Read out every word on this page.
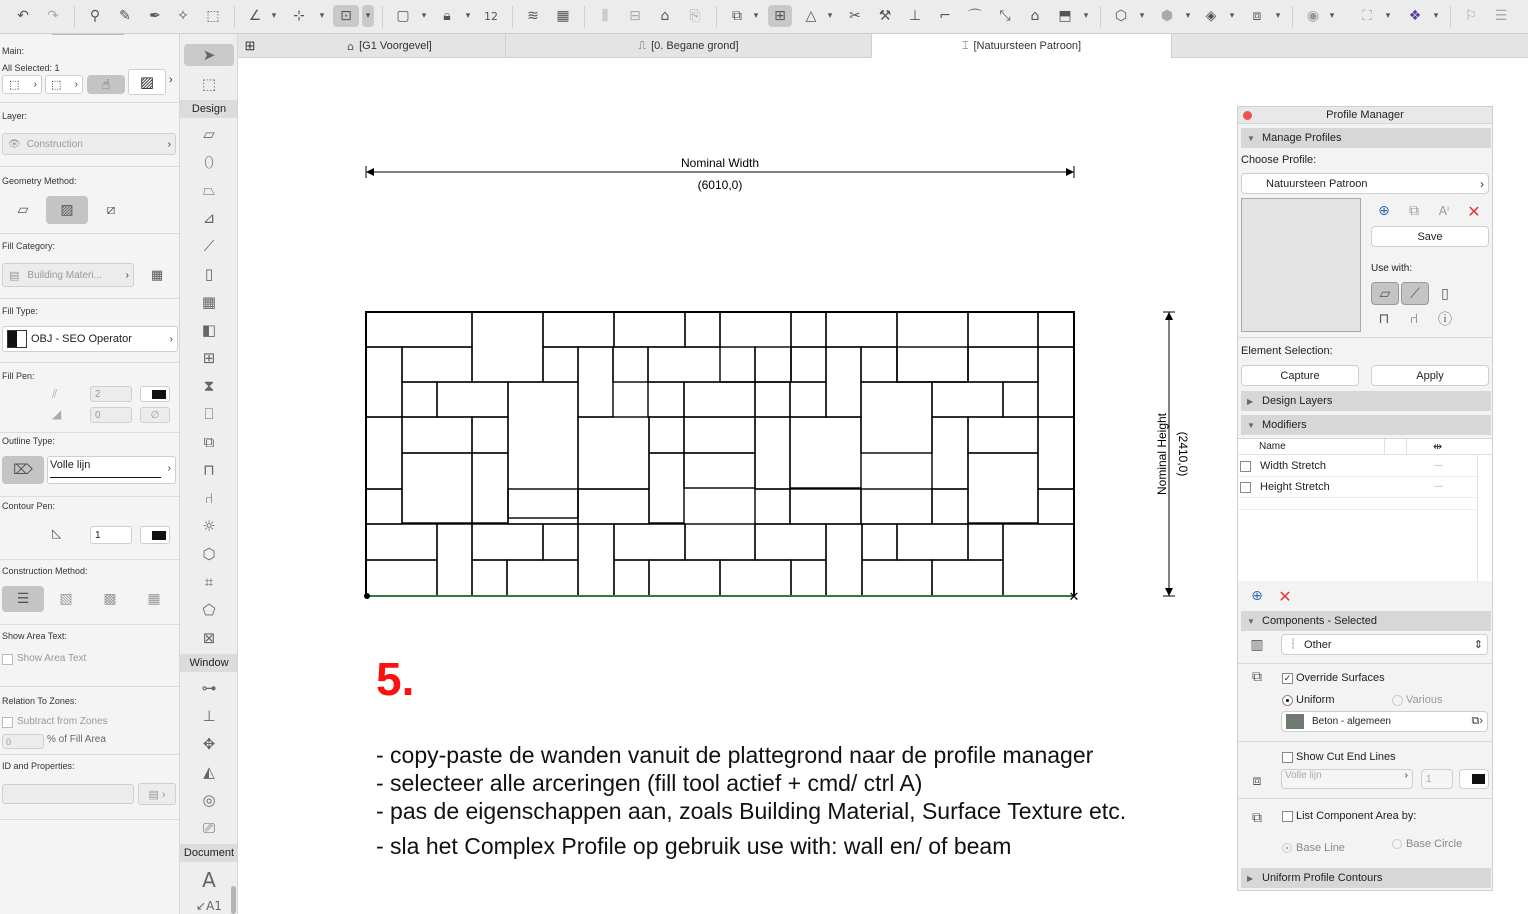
↶	↷	⚲	✎	✒	✧	⬚	∠	▾	⊹	▾	⊡	▾	▢	▾	🔒︎	▾	12	≋	▦	⫼	⊟	⌂	⎘	⧉	▾	⊞	△	▾	✂	⚒	⊥	⌐	⌒	⤡	⌂	⬒	▾	⬡	▾	⬢	▾	◈	▾	⧈	▾	◉	▾	⛶	▾	❖	▾	⚐	☰
Main:
All Selected: 1
⬚ › ⬚ › ☝ ▨ ›
Layer:
👁︎ Construction	›
Geometry Method:
▱	▨	⧄
Fill Category:
▤ Building Materi... ›	▦
Fill Type:
OBJ - SEO Operator	›
Fill Pen:
⫽	2
◢	0	∅
Outline Type:
⌦	Volle lijn	›
Contour Pen:
◺	1
Construction Method:
☰	▧	▩	▦
Show Area Text:
Show Area Text
Relation To Zones:
Subtract from Zones
0	% of Fill Area
ID and Properties:
▤ ›
➤
⬚
Design
▱
⬯
⏢
⊿
⟋
▯
▦
◧
⊞
⧗
⎕
⧉
⊓
⑁
☼
⬡
⌗
⬠
⊠
Window
⊶
⊥
✥
◭
◎
⎚
Document
A
↙A1
⊞	⌂ [G1 Voorgevel]	⎍ [0. Begane grond]	⌶ [Natuursteen Patroon]
Nominal Width
(6010,0)
Nominal Height (2410,0)
✕
5.
- copy-paste de wanden vanuit de plattegrond naar de profile manager
- selecteer alle arceringen (fill tool actief + cmd/ ctrl A)
- pas de eigenschappen aan, zoals Building Material, Surface Texture etc.
- sla het Complex Profile op gebruik use with: wall en/ of beam
Profile Manager
▼ Manage Profiles
Choose Profile:
Natuursteen Patroon	›
⊕	⧉	Aᴵ	✕
Save
Use with:
▱	⟋	▯
⊓	⑁	ⓘ
Element Selection:
Capture	Apply
▶ Design Layers
▼ Modifiers
Name	⇹
Width Stretch	---
Height Stretch	---
⊕ ✕
▼ Components - Selected
▥	┆ Other	⇕
⧉	✓ Override Surfaces
Uniform	Various
Beton - algemeen	⧉›
Show Cut End Lines
⧈	Volle lijn	›	1
⧉	List Component Area by:
Base Line	Base Circle
▶ Uniform Profile Contours
